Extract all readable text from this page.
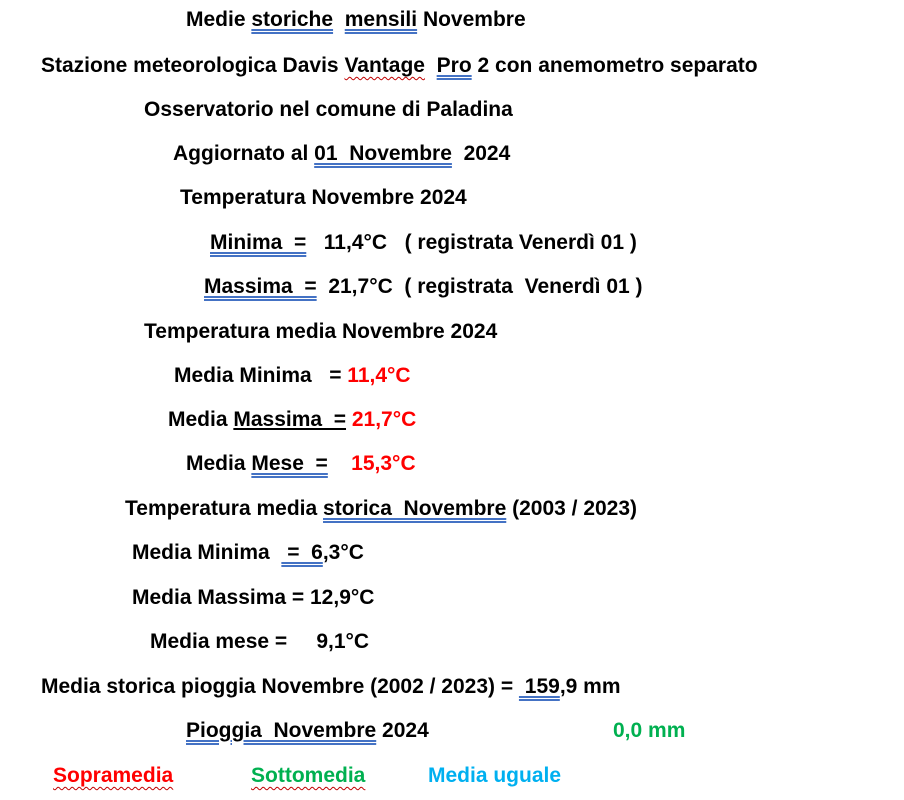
Medie storiche mensili Novembre
Stazione meteorologica Davis Vantage Pro 2 con anemometro separato
Osservatorio nel comune di Paladina
Aggiornato al 01  Novembre  2024
Temperatura Novembre 2024
Minima  =   11,4°C   ( registrata Venerdì 01 )
Massima  =  21,7°C  ( registrata  Venerdì 01 )
Temperatura media Novembre 2024
Media Minima   = 11,4°C
Media Massima  = 21,7°C
Media Mese  = 15,3°C
Temperatura media storica  Novembre (2003 / 2023)
Media Minima   =  6,3°C
Media Massima = 12,9°C
Media mese =     9,1°C
Media storica pioggia Novembre (2002 / 2023) =  159,9 mm
Pioggia  Novembre 2024	0,0 mm
Sopramedia	Sottomedia	Media uguale
